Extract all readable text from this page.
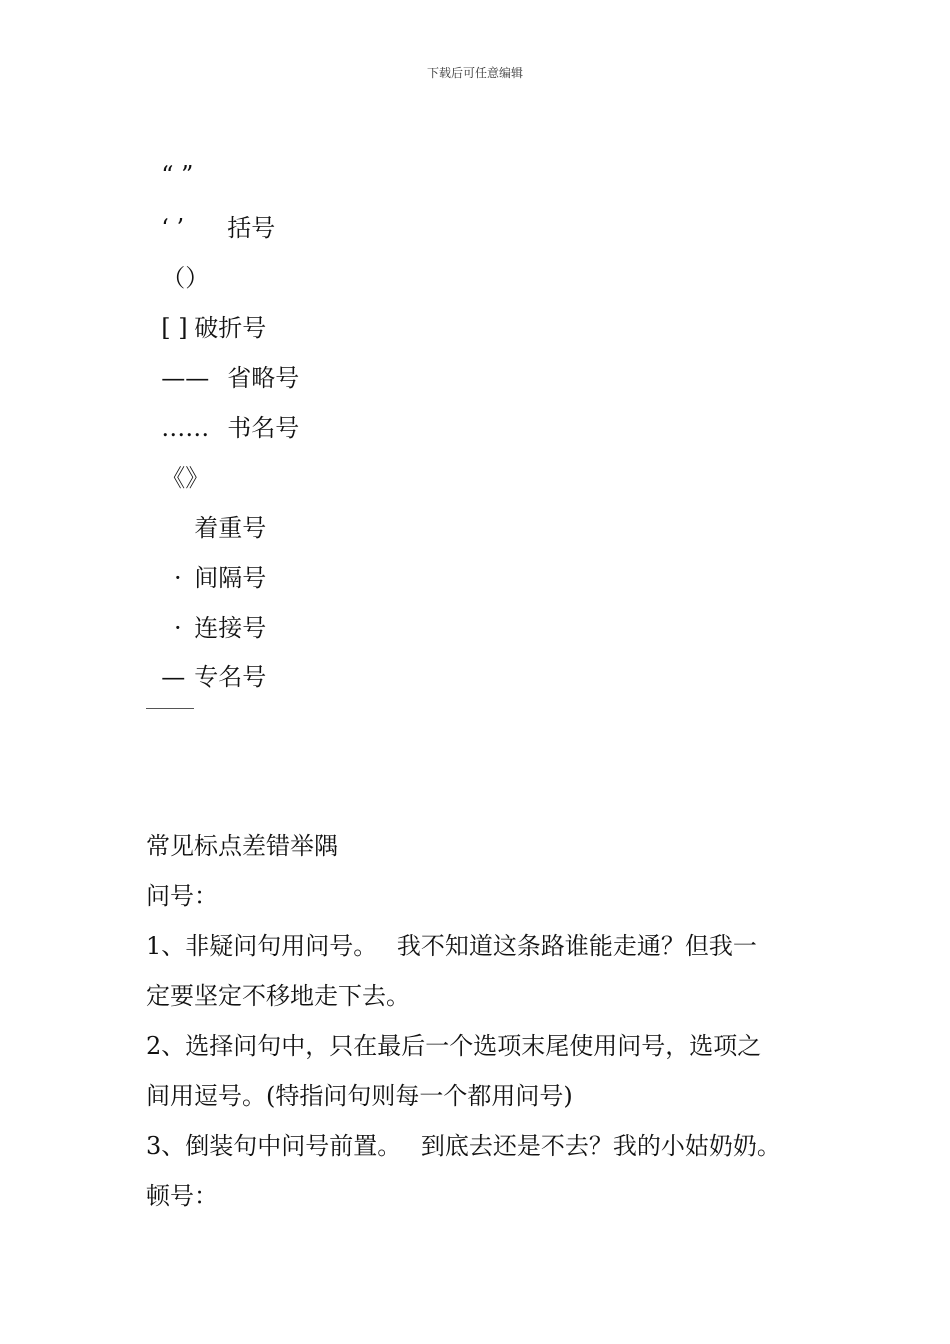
下载后可任意编辑

“ ”

‘ ’ 括号

（）

[ ] 破折号

—— 省略号

…… 书名号

《》

着重号

· 间隔号

· 连接号

— 专名号

常见标点差错举隅
问号：
1、非疑问句用问号。　 我不知道这条路谁能走通？但我一
定要坚定不移地走下去。
2、选择问句中，只在最后一个选项末尾使用问号，选项之
间用逗号。(特指问句则每一个都用问号)
3、倒装句中问号前置。　 到底去还是不去？我的小姑奶奶。
顿号：
